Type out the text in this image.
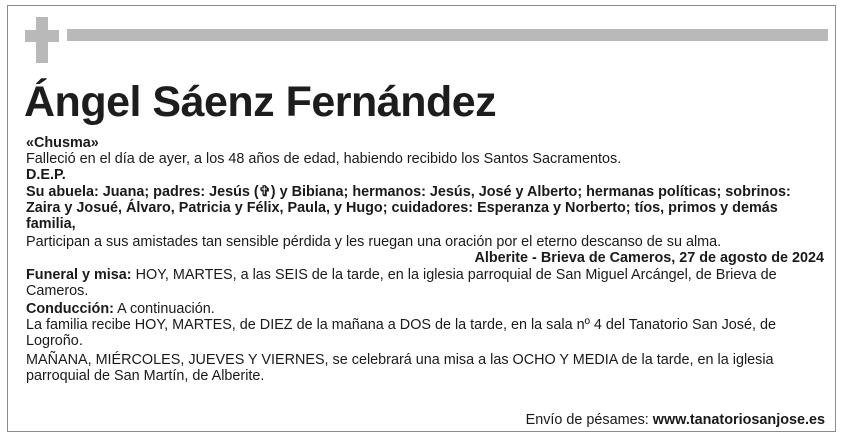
Ángel Sáenz Fernández

«Chusma»

Falleció en el día de ayer, a los 48 años de edad, habiendo recibido los Santos Sacramentos.

D.E.P.

Su abuela: Juana; padres: Jesús (✞) y Bibiana; hermanos: Jesús, José y Alberto; hermanas políticas; sobrinos: Zaira y Josué, Álvaro, Patricia y Félix, Paula, y Hugo; cuidadores: Esperanza y Norberto; tíos, primos y demás familia,

Participan a sus amistades tan sensible pérdida y les ruegan una oración por el eterno descanso de su alma.

Alberite - Brieva de Cameros, 27 de agosto de 2024

Funeral y misa: HOY, MARTES, a las SEIS de la tarde, en la iglesia parroquial de San Miguel Arcángel, de Brieva de Cameros.

Conducción: A continuación.

La familia recibe HOY, MARTES, de DIEZ de la mañana a DOS de la tarde, en la sala nº 4 del Tanatorio San José, de Logroño.

MAÑANA, MIÉRCOLES, JUEVES Y VIERNES, se celebrará una misa a las OCHO Y MEDIA de la tarde, en la iglesia parroquial de San Martín, de Alberite.

Envío de pésames: www.tanatoriosanjose.es
